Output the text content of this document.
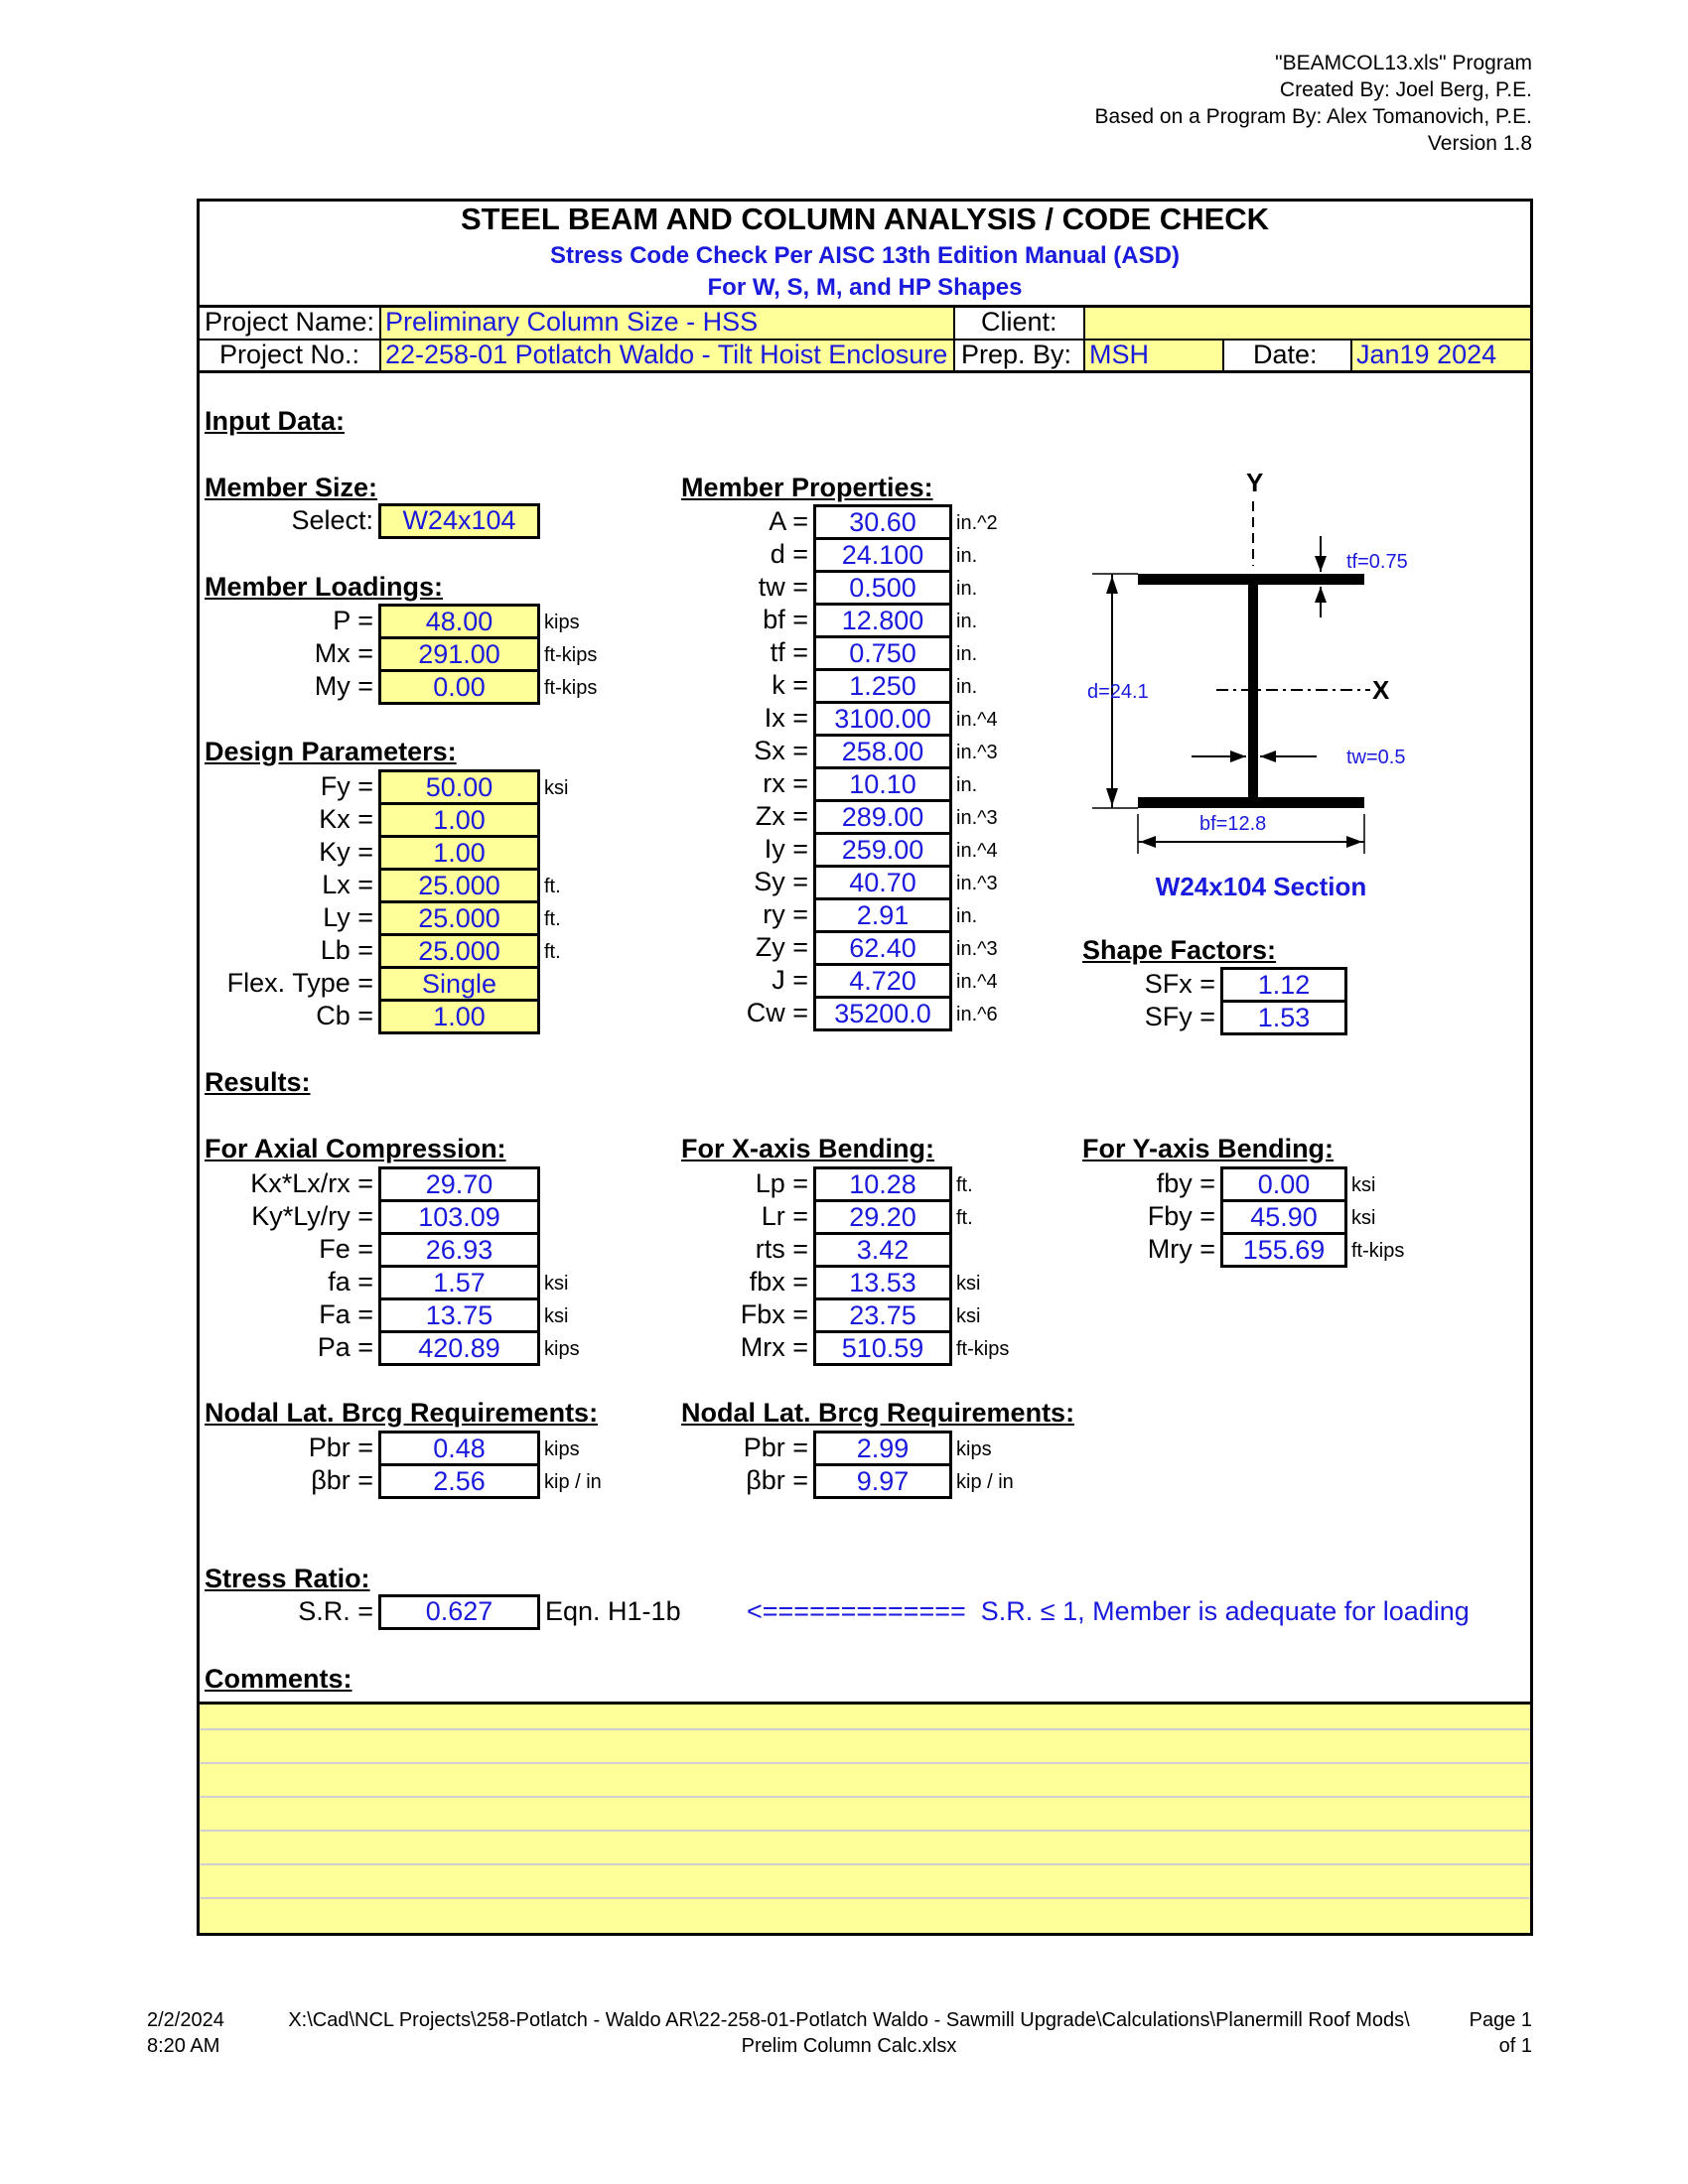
"BEAMCOL13.xls" Program
Created By: Joel Berg, P.E.
Based on a Program By: Alex Tomanovich, P.E.
Version 1.8
STEEL BEAM AND COLUMN ANALYSIS / CODE CHECK
Stress Code Check Per AISC 13th Edition Manual (ASD)
For W, S, M, and HP Shapes
Project Name: Preliminary Column Size - HSS	Client:
Project No.: 22-258-01 Potlatch Waldo - Tilt Hoist Enclosure Prep. By: MSH	Date: Jan19 2024
Input Data:
Member Size:
Select:	W24x104
Member Loadings:
P =	48.00	kips
Mx =	291.00	ft-kips
My =	0.00	ft-kips
Design Parameters:
Fy =	50.00	ksi
Kx =	1.00
Ky =	1.00
Lx =	25.000	ft.
Ly =	25.000	ft.
Lb =	25.000	ft.
Flex. Type =	Single
Cb =	1.00
Member Properties:
A =	30.60	in.^2
d =	24.100	in.
tw =	0.500	in.
bf =	12.800	in.
tf =	0.750	in.
k =	1.250	in.
Ix = 3100.00	in.^4
Sx =	258.00	in.^3
rx =	10.10	in.
Zx =	289.00	in.^3
Iy =	259.00	in.^4
Sy =	40.70	in.^3
ry =	2.91	in.
Zy =	62.40	in.^3
J =	4.720	in.^4
Cw = 35200.0	in.^6
Y
X
d=24.1
tf=0.75
tw=0.5
bf=12.8
W24x104 Section
Shape Factors:
SFx =	1.12
SFy =	1.53
Results:
For Axial Compression:
Kx*Lx/rx =	29.70
Ky*Ly/ry =	103.09
Fe =	26.93
fa =	1.57	ksi
Fa =	13.75	ksi
Pa =	420.89	kips
For X-axis Bending:
Lp =	10.28	ft.
Lr =	29.20	ft.
rts =	3.42
fbx =	13.53	ksi
Fbx =	23.75	ksi
Mrx =	510.59	ft-kips
For Y-axis Bending:
fby =	0.00	ksi
Fby =	45.90	ksi
Mry =	155.69	ft-kips
Nodal Lat. Brcg Requirements:
Pbr =	0.48	kips
βbr =	2.56	kip / in
Nodal Lat. Brcg Requirements:
Pbr =	2.99	kips
βbr =	9.97	kip / in
Stress Ratio:
S.R. =	0.627	Eqn. H1-1b <=============  S.R. ≤ 1, Member is adequate for loading
Comments:
2/2/2024
8:20 AM
X:\Cad\NCL Projects\258-Potlatch - Waldo AR\22-258-01-Potlatch Waldo - Sawmill Upgrade\Calculations\Planermill Roof Mods\
Prelim Column Calc.xlsx
Page 1
of 1
